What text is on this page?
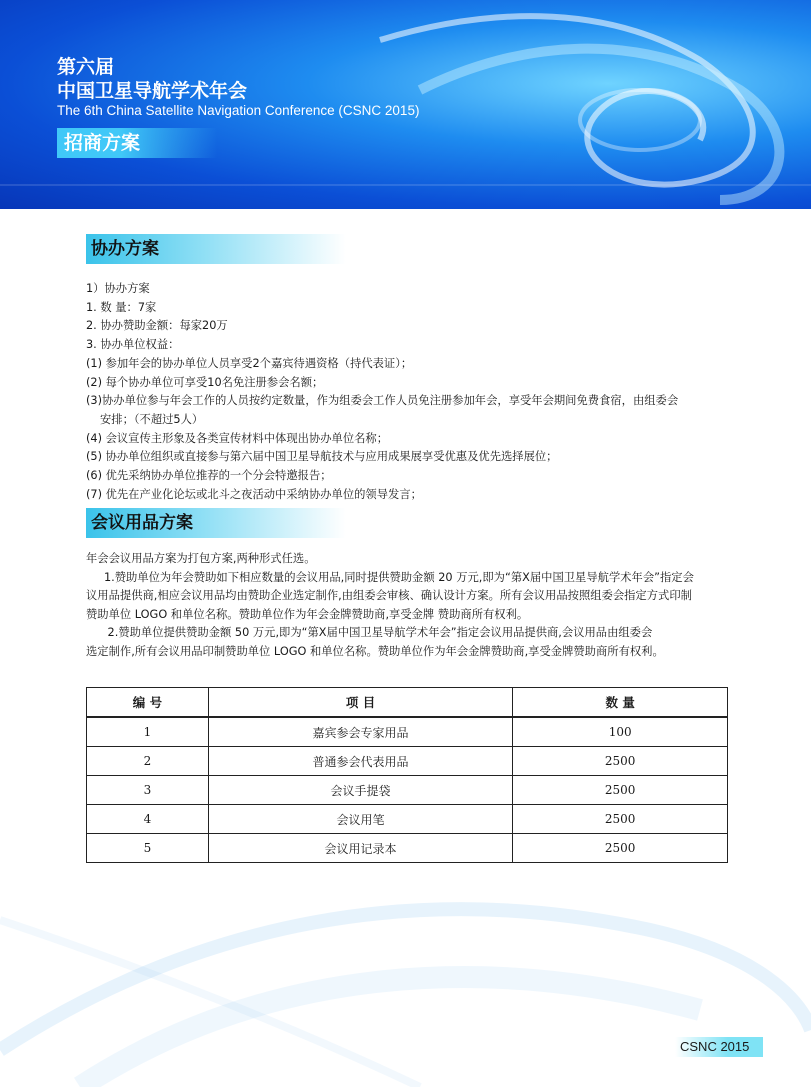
第六届
中国卫星导航学术年会
The 6th China Satellite Navigation Conference (CSNC 2015)
招商方案
协办方案
1）协办方案
1. 数 量：7家
2. 协办赞助金额：每家20万
3. 协办单位权益：
(1) 参加年会的协办单位人员享受2个嘉宾待遇资格（持代表证）；
(2) 每个协办单位可享受10名免注册参会名额；
(3)协办单位参与年会工作的人员按约定数量，作为组委会工作人员免注册参加年会，享受年会期间免费食宿，由组委会
安排；（不超过5人）
(4) 会议宣传主形象及各类宣传材料中体现出协办单位名称；
(5) 协办单位组织或直接参与第六届中国卫星导航技术与应用成果展享受优惠及优先选择展位；
(6) 优先采纳协办单位推荐的一个分会特邀报告；
(7) 优先在产业化论坛或北斗之夜活动中采纳协办单位的领导发言；
会议用品方案
年会会议用品方案为打包方案,两种形式任选。
1.赞助单位为年会赞助如下相应数量的会议用品,同时提供赞助金额 20 万元,即为“第X届中国卫星导航学术年会”指定会
议用品提供商,相应会议用品均由赞助企业选定制作,由组委会审核、确认设计方案。所有会议用品按照组委会指定方式印制
赞助单位 LOGO 和单位名称。赞助单位作为年会金牌赞助商,享受金牌 赞助商所有权利。
2.赞助单位提供赞助金额 50 万元,即为“第X届中国卫星导航学术年会”指定会议用品提供商,会议用品由组委会
选定制作,所有会议用品印制赞助单位 LOGO 和单位名称。赞助单位作为年会金牌赞助商,享受金牌赞助商所有权利。
编 号	项 目	数 量
1	嘉宾参会专家用品	100
2	普通参会代表用品	2500
3	会议手提袋	2500
4	会议用笔	2500
5	会议用记录本	2500
CSNC 2015
